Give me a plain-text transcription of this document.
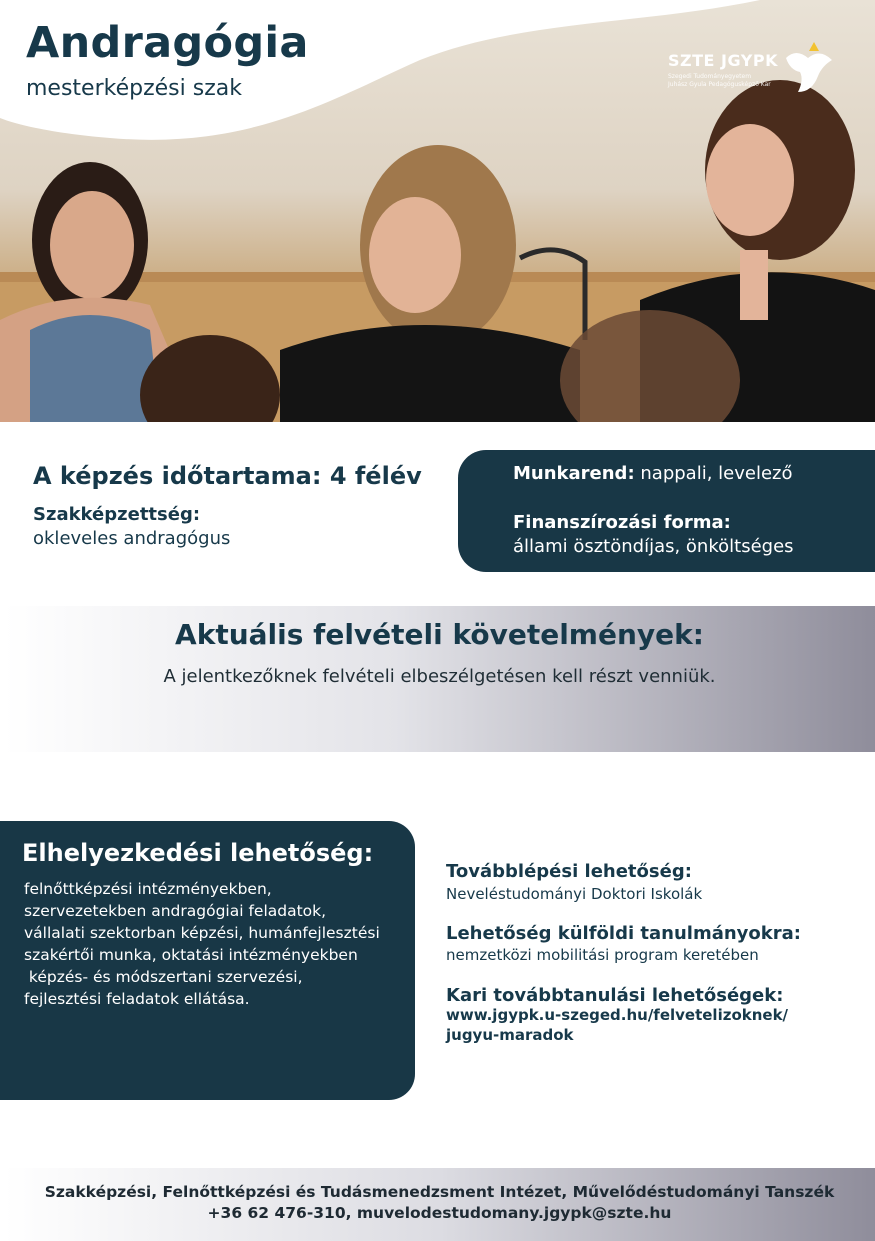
Andragógia
mesterképzési szak
SZTE JGYPK
Szegedi Tudományegyetem
Juhász Gyula Pedagógusképző Kar
A képzés időtartama: 4 félév
Szakképzettség:
okleveles andragógus
Munkarend: nappali, levelező
Finanszírozási forma:
állami ösztöndíjas, önköltséges
Aktuális felvételi követelmények:
A jelentkezőknek felvételi elbeszélgetésen kell részt venniük.
Elhelyezkedési lehetőség:
felnőttképzési intézményekben,
szervezetekben andragógiai feladatok,
vállalati szektorban képzési, humánfejlesztési
szakértői munka, oktatási intézményekben
képzés- és módszertani szervezési,
fejlesztési feladatok ellátása.
Továbblépési lehetőség:
Neveléstudományi Doktori Iskolák
Lehetőség külföldi tanulmányokra:
nemzetközi mobilitási program keretében
Kari továbbtanulási lehetőségek:
www.jgypk.u-szeged.hu/felvetelizoknek/
jugyu-maradok
Szakképzési, Felnőttképzési és Tudásmenedzsment Intézet, Művelődéstudományi Tanszék
+36 62 476-310, muvelodestudomany.jgypk@szte.hu
